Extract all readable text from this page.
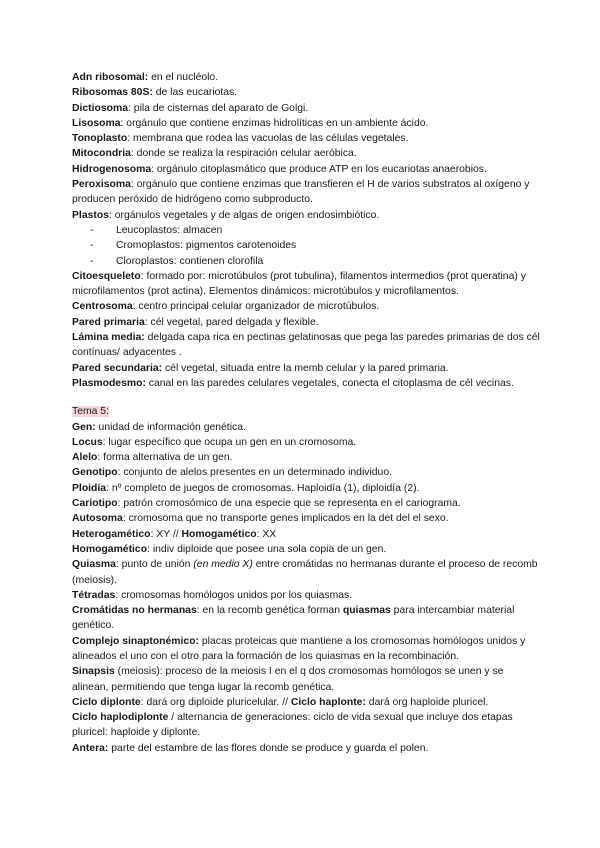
Adn ribosomal: en el nucléolo.

Ribosomas 80S: de las eucariotas.

Dictiosoma: pila de cisternas del aparato de Golgi.

Lisosoma: orgánulo que contiene enzimas hidrolíticas en un ambiente ácido.

Tonoplasto: membrana que rodea las vacuolas de las células vegetales.

Mitocondria: donde se realiza la respiración celular aeróbica.

Hidrogenosoma: orgánulo citoplasmático que produce ATP en los eucariotas anaerobios.

Peroxisoma: orgánulo que contiene enzimas que transfieren el H de varios substratos al oxígeno y producen peróxido de hidrógeno como subproducto.

Plastos: orgánulos vegetales y de algas de origen endosimbiótico.

- Leucoplastos: almacen
- Cromoplastos: pigmentos carotenoides
- Cloroplastos: contienen clorofila

Citoesqueleto: formado por: microtúbulos (prot tubulina), filamentos intermedios (prot queratina) y microfilamentos (prot actina). Elementos dinámicos: microtúbulos y microfilamentos.

Centrosoma: centro principal celular organizador de microtúbulos.

Pared primaria: cél vegetal, pared delgada y flexible.

Lámina media: delgada capa rica en pectinas gelatinosas que pega las paredes primarias de dos cél contínuas/ adyacentes .

Pared secundaria: cél vegetal, situada entre la memb celular y la pared primaria.

Plasmodesmo: canal en las paredes celulares vegetales, conecta el citoplasma de cél vecinas.

Tema 5:

Gen: unidad de información genética.

Locus: lugar específico que ocupa un gen en un cromosoma.

Alelo: forma alternativa de un gen.

Genotipo: conjunto de alelos presentes en un determinado individuo.

Ploidía: nº completo de juegos de cromosomas. Haploidía (1), diploidía (2).

Cariotipo: patrón cromosómico de una especie que se representa en el cariograma.

Autosoma: cromosoma que no transporte genes implicados en la det del el sexo.

Heterogamético: XY // Homogamético: XX

Homogamético: indiv diploide que posee una sola copia de un gen.

Quiasma: punto de unión (en medio X) entre cromátidas no hermanas durante el proceso de recomb (meiosis).

Tétradas: cromosomas homólogos unidos por los quiasmas.

Cromátidas no hermanas: en la recomb genética forman quiasmas para intercambiar material genético.

Complejo sinaptonémico: placas proteicas que mantiene a los cromosomas homólogos unidos y alineados el uno con el otro para la formación de los quiasmas en la recombinación.

Sinapsis (meiosis): proceso de la meiosis I en el q dos cromosomas homólogos se unen y se alinean, permitiendo que tenga lugar la recomb genética.

Ciclo diplonte: dará org diploide pluricelular. // Ciclo haplonte: dará org haploide pluricel.

Ciclo haplodiplonte / alternancia de generaciones: ciclo de vida sexual que incluye dos etapas pluricel: haploide y diplonte.

Antera: parte del estambre de las flores donde se produce y guarda el polen.
